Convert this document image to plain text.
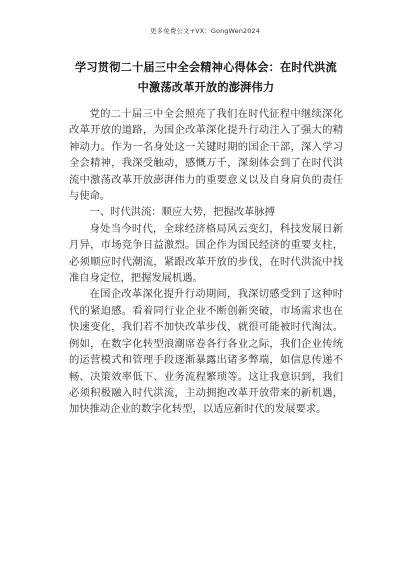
更多免费公文+VX：GongWen2024
学习贯彻二十届三中全会精神心得体会：在时代洪流中激荡改革开放的澎湃伟力

党的二十届三中全会照亮了我们在时代征程中继续深化改革开放的道路，为国企改革深化提升行动注入了强大的精神动力。作为一名身处这一关键时期的国企干部，深入学习全会精神，我深受触动，感慨万千，深刻体会到了在时代洪流中激荡改革开放澎湃伟力的重要意义以及自身肩负的责任与使命。

一、时代洪流：顺应大势，把握改革脉搏

身处当今时代，全球经济格局风云变幻，科技发展日新月异，市场竞争日益激烈。国企作为国民经济的重要支柱，必须顺应时代潮流，紧跟改革开放的步伐，在时代洪流中找准自身定位，把握发展机遇。

在国企改革深化提升行动期间，我深切感受到了这种时代的紧迫感。看着同行业企业不断创新突破，市场需求也在快速变化，我们若不加快改革步伐，就很可能被时代淘汰。例如，在数字化转型浪潮席卷各行各业之际，我们企业传统的运营模式和管理手段逐渐暴露出诸多弊端，如信息传递不畅、决策效率低下、业务流程繁琐等。这让我意识到，我们必须积极融入时代洪流，主动拥抱改革开放带来的新机遇，加快推动企业的数字化转型，以适应新时代的发展要求。
